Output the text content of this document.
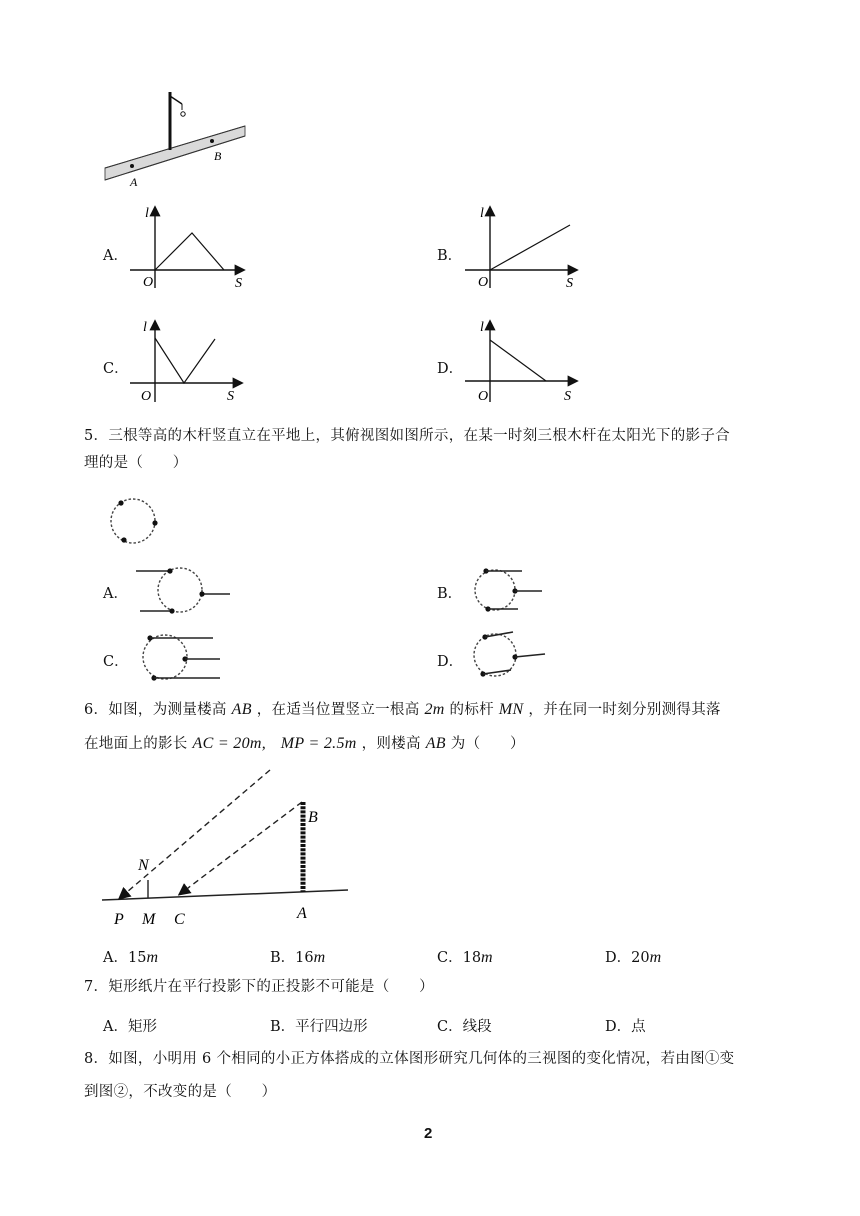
A
B
A．
O
l
S
B．
O
l
S
C．
O
l
S
D．
O
l
S
5．三根等高的木杆竖直立在平地上，其俯视图如图所示，在某一时刻三根木杆在太阳光下的影子合
理的是（　　）
A．	B．
C．	D．
6．如图，为测量楼高 AB ，在适当位置竖立一根高 2m 的标杆 MN ，并在同一时刻分别测得其落
在地面上的影长 AC = 20m, MP = 2.5m ，则楼高 AB 为（　　）
N
B
P M C	A
A．15m	B．16m	C．18m	D．20m
7．矩形纸片在平行投影下的正投影不可能是（　　）
A．矩形	B．平行四边形	C．线段	D．点
8．如图，小明用 6 个相同的小正方体搭成的立体图形研究几何体的三视图的变化情况，若由图①变
到图②，不改变的是（　　）
2
